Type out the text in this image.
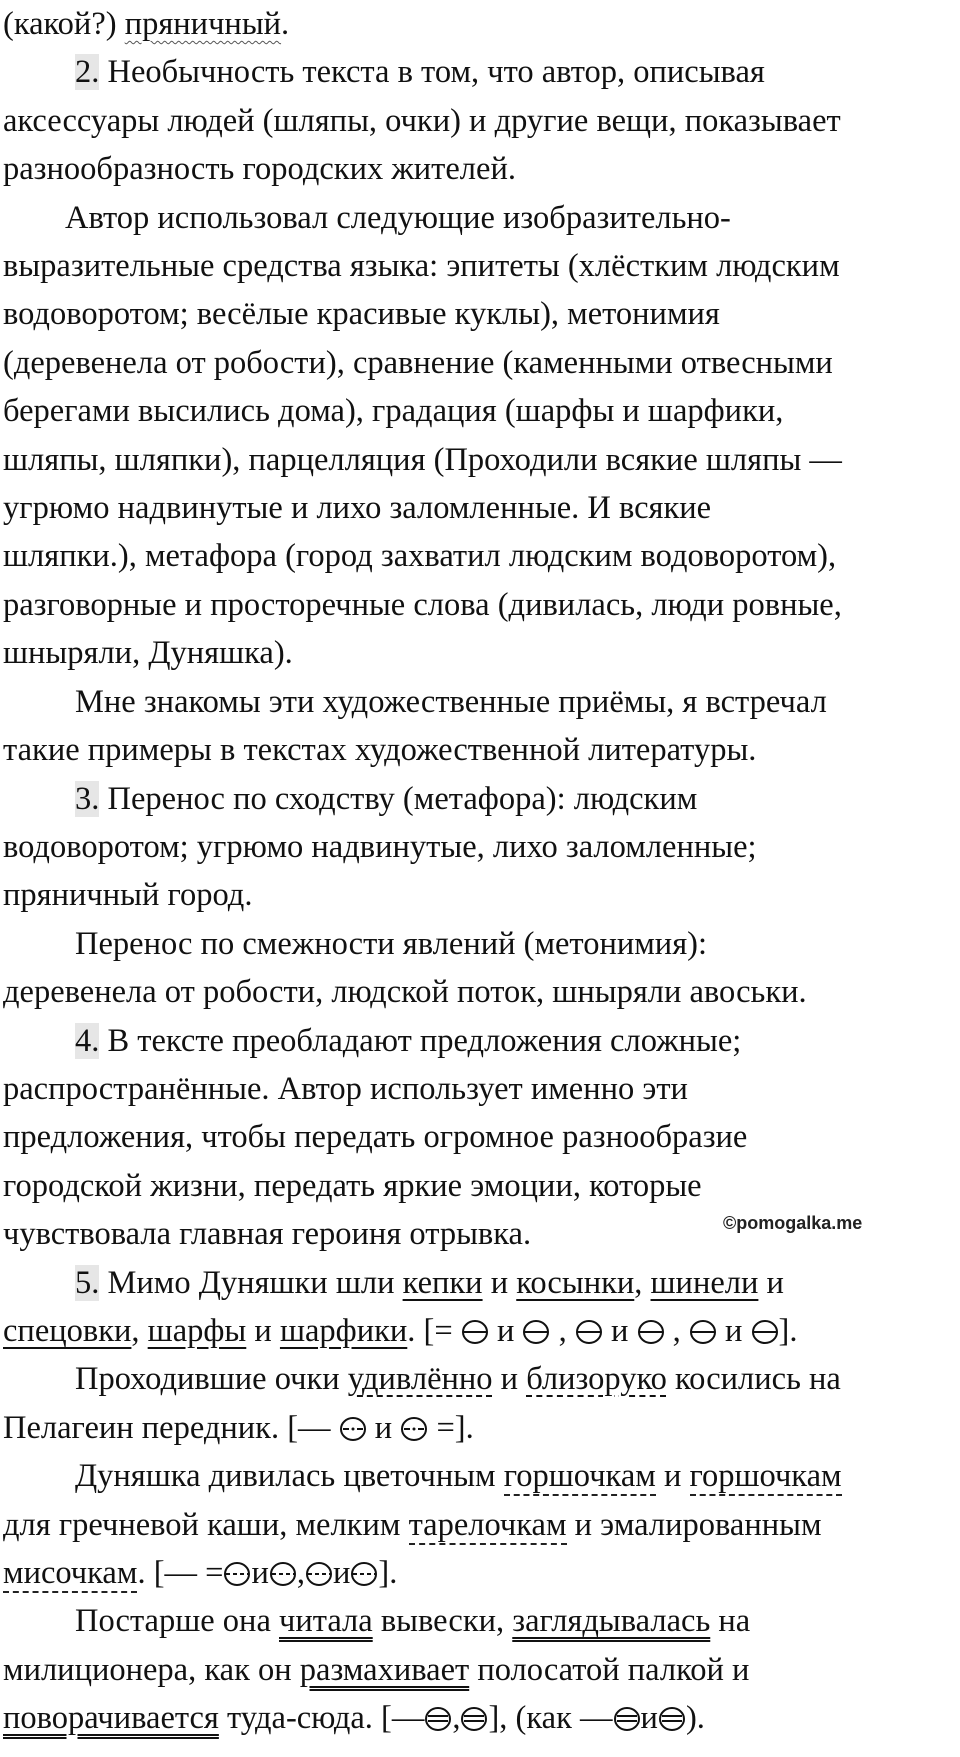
(какой?) пряничный.

2. Необычность текста в том, что автор, описывая
аксессуары людей (шляпы, очки) и другие вещи, показывает
разнообразность городских жителей.

Автор использовал следующие изобразительно-
выразительные средства языка: эпитеты (хлёстким людским
водоворотом; весёлые красивые куклы), метонимия
(деревенела от робости), сравнение (каменными отвесными
берегами высились дома), градация (шарфы и шарфики,
шляпы, шляпки), парцелляция (Проходили всякие шляпы —
угрюмо надвинутые и лихо заломленные. И всякие
шляпки.), метафора (город захватил людским водоворотом),
разговорные и просторечные слова (дивилась, люди ровные,
шныряли, Дуняшка).

Мне знакомы эти художественные приёмы, я встречал
такие примеры в текстах художественной литературы.

3. Перенос по сходству (метафора): людским
водоворотом; угрюмо надвинутые, лихо заломленные;
пряничный город.

Перенос по смежности явлений (метонимия):
деревенела от робости, людской поток, шныряли авоськи.

4. В тексте преобладают предложения сложные;
распространённые. Автор использует именно эти
предложения, чтобы передать огромное разнообразие
городской жизни, передать яркие эмоции, которые
чувствовала главная героиня отрывка.

5. Мимо Дуняшки шли кепки и косынки, шинели и
спецовки, шарфы и шарфики. [=
и , и , и ].

Проходившие очки удивлённо и близоруко косились на
Пелагеин передник. [—
и
=].

Дуняшка дивилась цветочным горшочкам и горшочкам
для гречневой каши, мелким тарелочкам и эмалированным
мисочкам. [— = и , и ].

Постарше она читала вывески, заглядывалась на
милиционера, как он размахивает полосатой палкой и
поворачивается туда-сюда. [— , ], (как — и ).

©pomogalka.me
